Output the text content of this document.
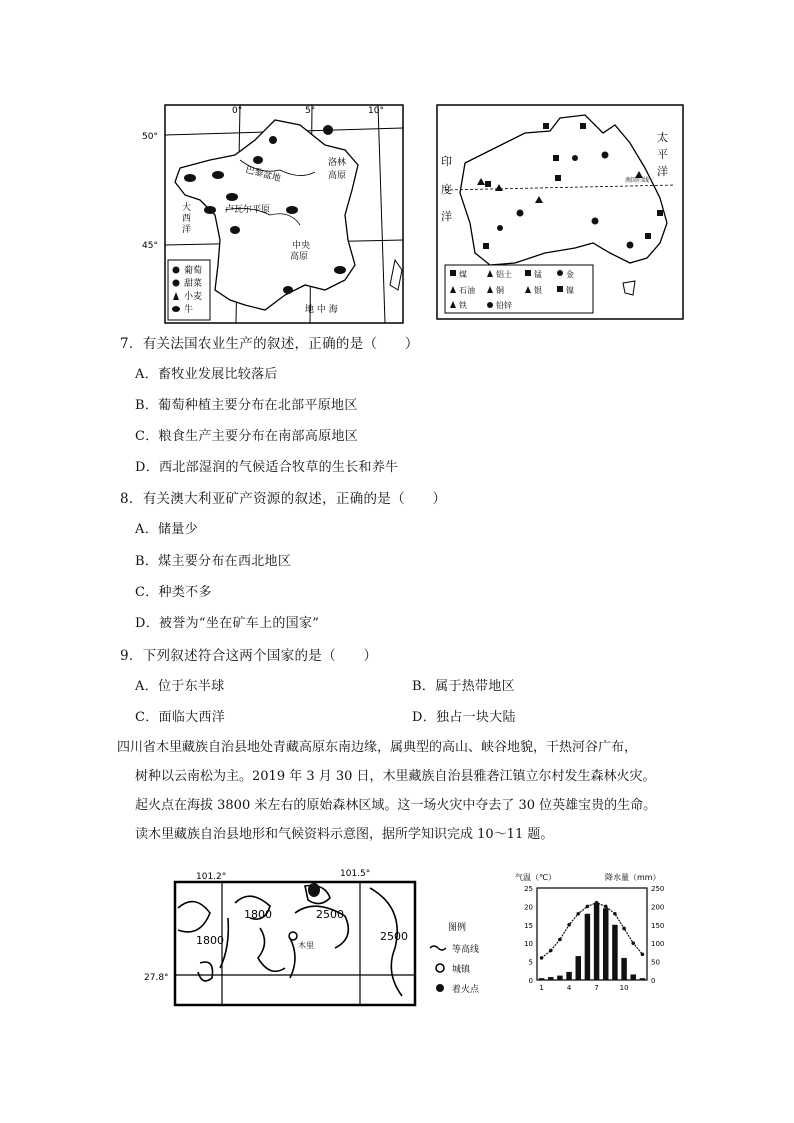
0°	5°	10°
50°
45°
巴黎盆地
洛林
高原
大
西
洋
卢瓦尔平原
中央
高原
地 中 海
葡萄
甜菜
小麦
牛
太
平
洋
印
度
洋
南回归线
煤	铝土	锰	金
石油	铜	银	镍
铁	铅锌
7．有关法国农业生产的叙述，正确的是（　　）
A．畜牧业发展比较落后
B．葡萄种植主要分布在北部平原地区
C．粮食生产主要分布在南部高原地区
D．西北部湿润的气候适合牧草的生长和养牛
8．有关澳大利亚矿产资源的叙述，正确的是（　　）
A．储量少
B．煤主要分布在西北地区
C．种类不多
D．被誉为“坐在矿车上的国家”
9．下列叙述符合这两个国家的是（　　）
A．位于东半球	B．属于热带地区
C．面临大西洋	D．独占一块大陆
四川省木里藏族自治县地处青藏高原东南边缘，属典型的高山、峡谷地貌，干热河谷广布，
树种以云南松为主。2019 年 3 月 30 日，木里藏族自治县雅砻江镇立尔村发生森林火灾。
起火点在海拔 3800 米左右的原始森林区域。这一场火灾中夺去了 30 位英雄宝贵的生命。
读木里藏族自治县地形和气候资料示意图，据所学知识完成 10～11 题。
101.2°	101.5°
27.8°
1800
1800	2500
2500
木里
图例
等高线
城镇
着火点
气温（℃）	降水量（mm）
25
20
15
10
5
0
250
200
150
100
50
0
1	4	7	10
